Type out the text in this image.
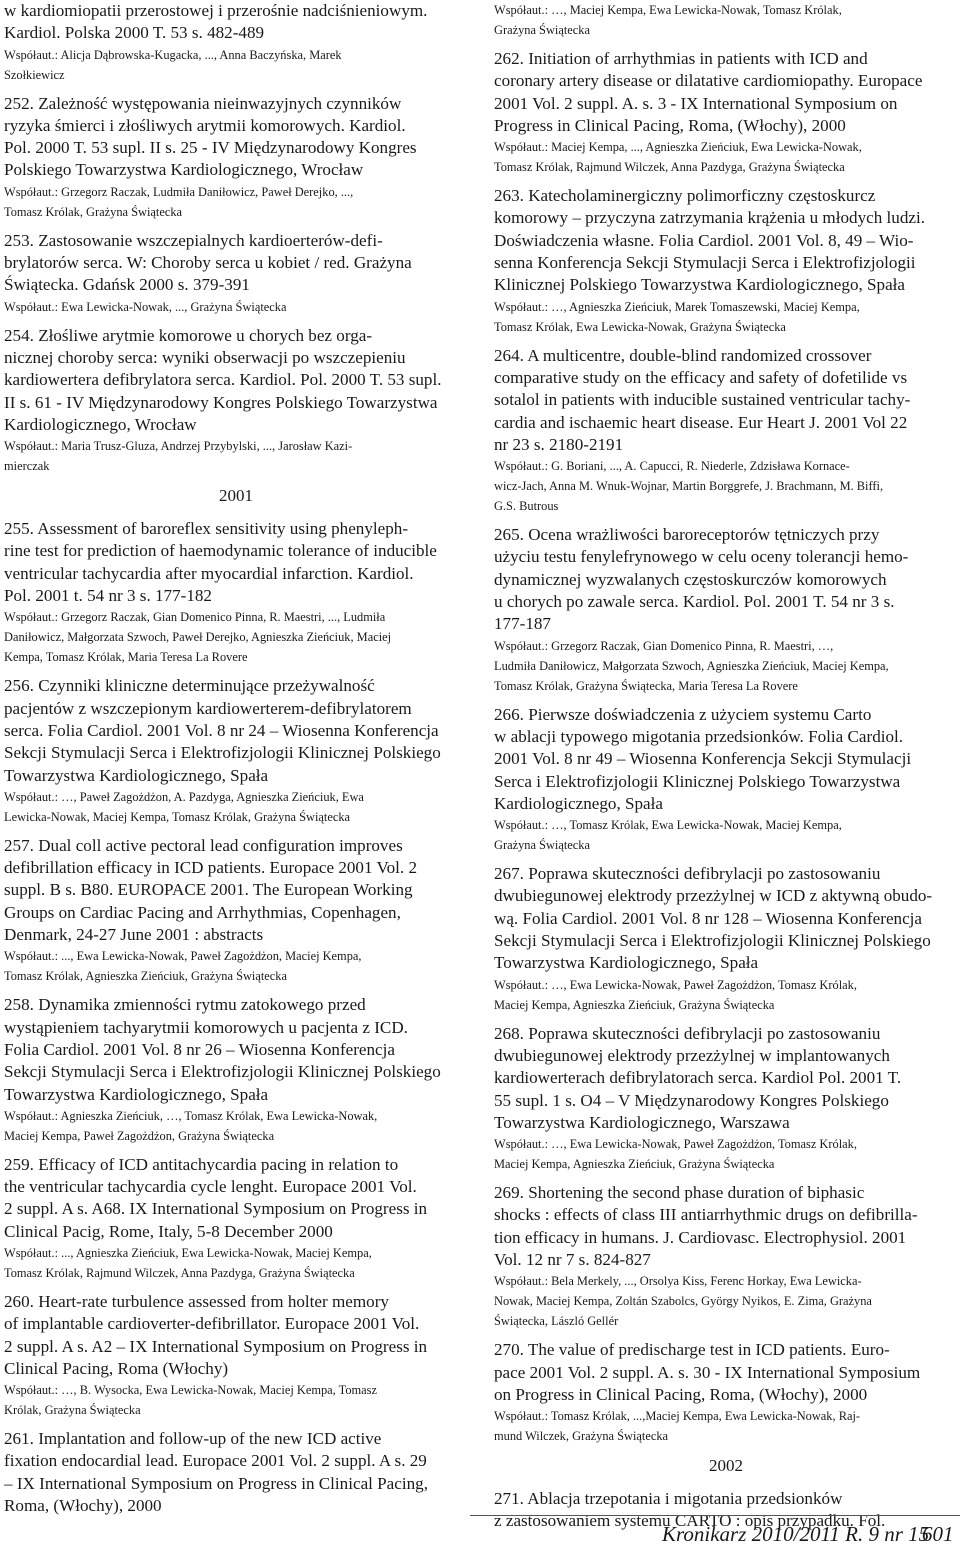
w kardiomiopatii przerostowej i przerośnie nadciśnieniowym.
Kardiol. Polska 2000 T. 53 s. 482-489
Współaut.: Alicja Dąbrowska-Kugacka, ..., Anna Baczyńska, Marek
Szołkiewicz
252. Zależność występowania nieinwazyjnych czynników
ryzyka śmierci i złośliwych arytmii komorowych. Kardiol.
Pol. 2000 T. 53 supl. II s. 25 - IV Międzynarodowy Kongres
Polskiego Towarzystwa Kardiologicznego, Wrocław
Współaut.: Grzegorz Raczak, Ludmiła Daniłowicz, Paweł Derejko, ...,
Tomasz Królak, Grażyna Świątecka
253. Zastosowanie wszczepialnych kardioerterów-defi-
brylatorów serca. W: Choroby serca u kobiet / red. Grażyna
Świątecka. Gdańsk 2000 s. 379-391
Współaut.: Ewa Lewicka-Nowak, ..., Grażyna Świątecka
254. Złośliwe arytmie komorowe u chorych bez orga-
nicznej choroby serca: wyniki obserwacji po wszczepieniu
kardiowertera defibrylatora serca. Kardiol. Pol. 2000 T. 53 supl.
II s. 61 - IV Międzynarodowy Kongres Polskiego Towarzystwa
Kardiologicznego, Wrocław
Współaut.: Maria Trusz-Gluza, Andrzej Przybylski, ..., Jarosław Kazi-
mierczak
2001
255. Assessment of baroreflex sensitivity using phenyleph-
rine test for prediction of haemodynamic tolerance of inducible
ventricular tachycardia after myocardial infarction. Kardiol.
Pol. 2001 t. 54 nr 3 s. 177-182
Współaut.: Grzegorz Raczak, Gian Domenico Pinna, R. Maestri, ..., Ludmiła
Daniłowicz, Małgorzata Szwoch, Paweł Derejko, Agnieszka Zieńciuk, Maciej
Kempa, Tomasz Królak, Maria Teresa La Rovere
256. Czynniki kliniczne determinujące przeżywalność
pacjentów z wszczepionym kardiowerterem-defibrylatorem
serca. Folia Cardiol. 2001 Vol. 8 nr 24 – Wiosenna Konferencja
Sekcji Stymulacji Serca i Elektrofizjologii Klinicznej Polskiego
Towarzystwa Kardiologicznego, Spała
Współaut.: …, Paweł Zagożdżon, A. Pazdyga, Agnieszka Zieńciuk, Ewa
Lewicka-Nowak, Maciej Kempa, Tomasz Królak, Grażyna Świątecka
257. Dual coll active pectoral lead configuration improves
defibrillation efficacy in ICD patients. Europace 2001 Vol. 2
suppl. B s. B80. EUROPACE 2001. The European Working
Groups on Cardiac Pacing and Arrhythmias, Copenhagen,
Denmark, 24-27 June 2001 : abstracts
Współaut.: ..., Ewa Lewicka-Nowak, Paweł Zagożdżon, Maciej Kempa,
Tomasz Królak, Agnieszka Zieńciuk, Grażyna Świątecka
258. Dynamika zmienności rytmu zatokowego przed
wystąpieniem tachyarytmii komorowych u pacjenta z ICD.
Folia Cardiol. 2001 Vol. 8 nr 26 – Wiosenna Konferencja
Sekcji Stymulacji Serca i Elektrofizjologii Klinicznej Polskiego
Towarzystwa Kardiologicznego, Spała
Współaut.: Agnieszka Zieńciuk, …, Tomasz Królak, Ewa Lewicka-Nowak,
Maciej Kempa, Paweł Zagożdżon, Grażyna Świątecka
259. Efficacy of ICD antitachycardia pacing in relation to
the ventricular tachycardia cycle lenght. Europace 2001 Vol.
2 suppl. A s. A68. IX International Symposium on Progress in
Clinical Pacig, Rome, Italy, 5-8 December 2000
Współaut.: ..., Agnieszka Zieńciuk, Ewa Lewicka-Nowak, Maciej Kempa,
Tomasz Królak, Rajmund Wilczek, Anna Pazdyga, Grażyna Świątecka
260. Heart-rate turbulence assessed from holter memory
of implantable cardioverter-defibrillator. Europace 2001 Vol.
2 suppl. A s. A2 – IX International Symposium on Progress in
Clinical Pacing, Roma (Włochy)
Współaut.: …, B. Wysocka, Ewa Lewicka-Nowak, Maciej Kempa, Tomasz
Królak, Grażyna Świątecka
261. Implantation and follow-up of the new ICD active
fixation endocardial lead. Europace 2001 Vol. 2 suppl. A s. 29
– IX International Symposium on Progress in Clinical Pacing,
Roma, (Włochy), 2000
Współaut.: …, Maciej Kempa, Ewa Lewicka-Nowak, Tomasz Królak,
Grażyna Świątecka
262. Initiation of arrhythmias in patients with ICD and
coronary artery disease or dilatative cardiomiopathy. Europace
2001 Vol. 2 suppl. A. s. 3 - IX International Symposium on
Progress in Clinical Pacing, Roma, (Włochy), 2000
Współaut.: Maciej Kempa, ..., Agnieszka Zieńciuk, Ewa Lewicka-Nowak,
Tomasz Królak, Rajmund Wilczek, Anna Pazdyga, Grażyna Świątecka
263. Katecholaminergiczny polimorficzny częstoskurcz
komorowy – przyczyna zatrzymania krążenia u młodych ludzi.
Doświadczenia własne. Folia Cardiol. 2001 Vol. 8, 49 – Wio-
senna Konferencja Sekcji Stymulacji Serca i Elektrofizjologii
Klinicznej Polskiego Towarzystwa Kardiologicznego, Spała
Współaut.: …, Agnieszka Zieńciuk, Marek Tomaszewski, Maciej Kempa,
Tomasz Królak, Ewa Lewicka-Nowak, Grażyna Świątecka
264. A multicentre, double-blind randomized crossover
comparative study on the efficacy and safety of dofetilide vs
sotalol in patients with inducible sustained ventricular tachy-
cardia and ischaemic heart disease. Eur Heart J. 2001 Vol 22
nr 23 s. 2180-2191
Współaut.: G. Boriani, ..., A. Capucci, R. Niederle, Zdzisława Kornace-
wicz-Jach, Anna M. Wnuk-Wojnar, Martin Borggrefe, J. Brachmann, M. Biffi,
G.S. Butrous
265. Ocena wrażliwości baroreceptorów tętniczych przy
użyciu testu fenylefrynowego w celu oceny tolerancji hemo-
dynamicznej wyzwalanych częstoskurczów komorowych
u chorych po zawale serca. Kardiol. Pol. 2001 T. 54 nr 3 s.
177-187
Współaut.: Grzegorz Raczak, Gian Domenico Pinna, R. Maestri, …,
Ludmiła Daniłowicz, Małgorzata Szwoch, Agnieszka Zieńciuk, Maciej Kempa,
Tomasz Królak, Grażyna Świątecka, Maria Teresa La Rovere
266. Pierwsze doświadczenia z użyciem systemu Carto
w ablacji typowego migotania przedsionków. Folia Cardiol.
2001 Vol. 8 nr 49 – Wiosenna Konferencja Sekcji Stymulacji
Serca i Elektrofizjologii Klinicznej Polskiego Towarzystwa
Kardiologicznego, Spała
Współaut.: …, Tomasz Królak, Ewa Lewicka-Nowak, Maciej Kempa,
Grażyna Świątecka
267. Poprawa skuteczności defibrylacji po zastosowaniu
dwubiegunowej elektrody przezżylnej w ICD z aktywną obudo-
wą. Folia Cardiol. 2001 Vol. 8 nr 128 – Wiosenna Konferencja
Sekcji Stymulacji Serca i Elektrofizjologii Klinicznej Polskiego
Towarzystwa Kardiologicznego, Spała
Współaut.: …, Ewa Lewicka-Nowak, Paweł Zagożdżon, Tomasz Królak,
Maciej Kempa, Agnieszka Zieńciuk, Grażyna Świątecka
268. Poprawa skuteczności defibrylacji po zastosowaniu
dwubiegunowej elektrody przezżylnej w implantowanych
kardiowerterach defibrylatorach serca. Kardiol Pol. 2001 T.
55 supl. 1 s. O4 – V Międzynarodowy Kongres Polskiego
Towarzystwa Kardiologicznego, Warszawa
Współaut.: …, Ewa Lewicka-Nowak, Paweł Zagożdżon, Tomasz Królak,
Maciej Kempa, Agnieszka Zieńciuk, Grażyna Świątecka
269. Shortening the second phase duration of biphasic
shocks : effects of class III antiarrhythmic drugs on defibrilla-
tion efficacy in humans. J. Cardiovasc. Electrophysiol. 2001
Vol. 12 nr 7 s. 824-827
Współaut.: Bela Merkely, ..., Orsolya Kiss, Ferenc Horkay, Ewa Lewicka-
Nowak, Maciej Kempa, Zoltán Szabolcs, György Nyikos, E. Zima, Grażyna
Świątecka, László Gellér
270. The value of predischarge test in ICD patients. Euro-
pace 2001 Vol. 2 suppl. A. s. 30 - IX International Symposium
on Progress in Clinical Pacing, Roma, (Włochy), 2000
Współaut.: Tomasz Królak, ...,Maciej Kempa, Ewa Lewicka-Nowak, Raj-
mund Wilczek, Grażyna Świątecka
2002
271. Ablacja trzepotania i migotania przedsionków
z zastosowaniem systemu CARTO : opis przypadku. Fol.
Kronikarz 2010/2011 R. 9 nr 15
601
